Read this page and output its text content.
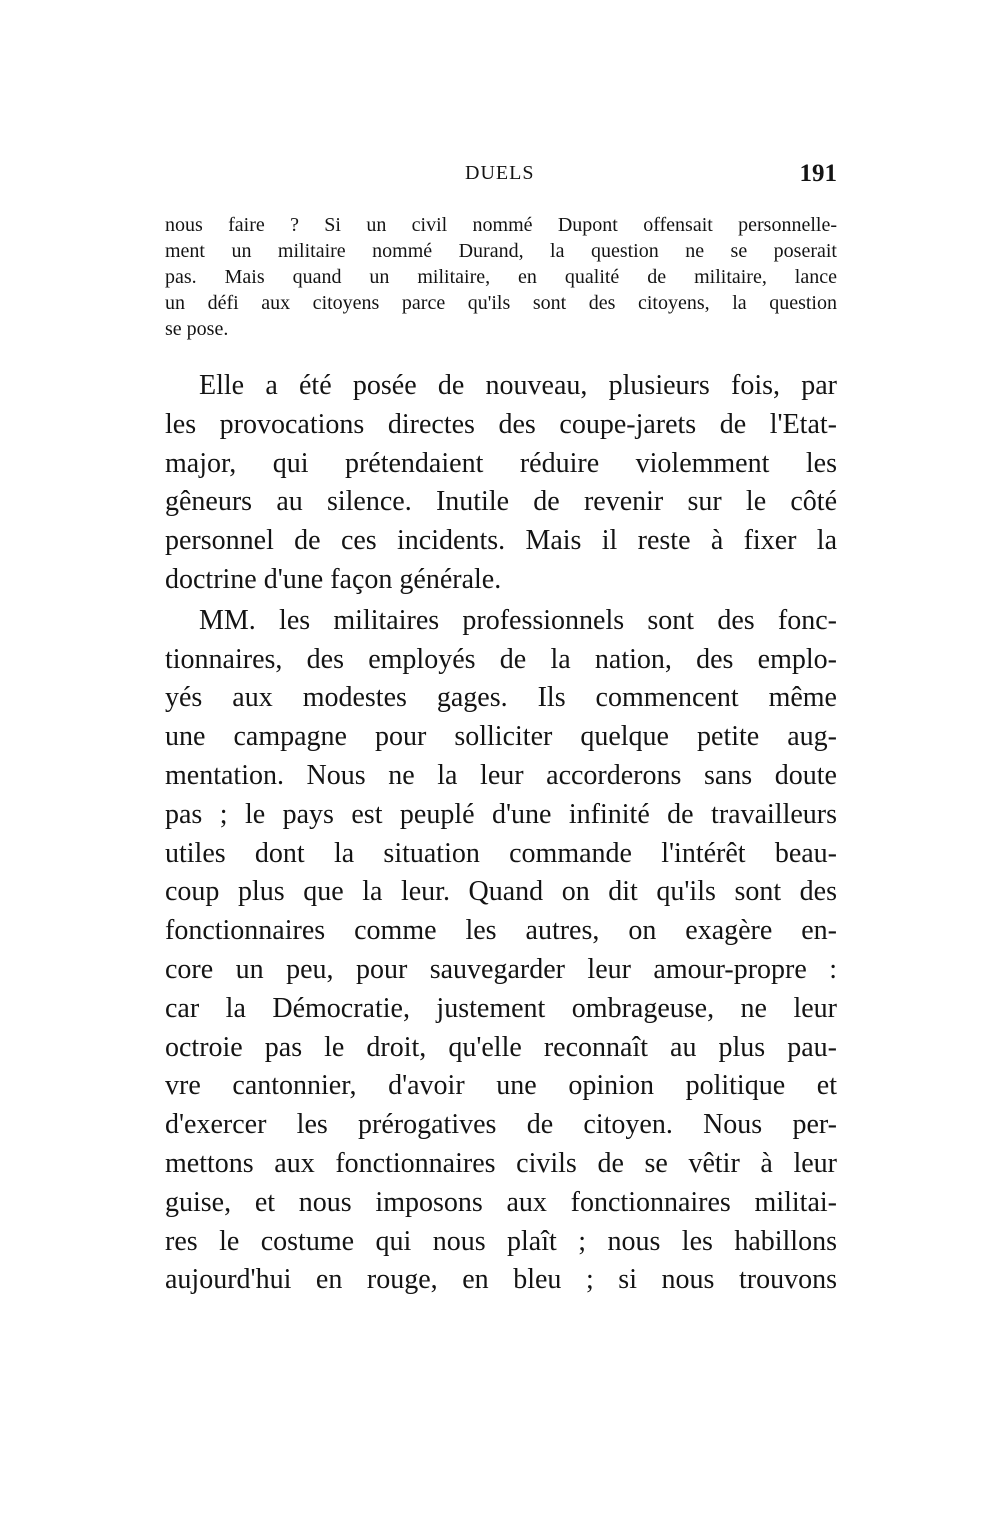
DUELS	191

nous faire ? Si un civil nommé Dupont offensait personnelle-

ment un militaire nommé Durand, la question ne se poserait

pas. Mais quand un militaire, en qualité de militaire, lance

un défi aux citoyens parce qu'ils sont des citoyens, la question

se pose.

Elle a été posée de nouveau, plusieurs fois, par

les provocations directes des coupe-jarets de l'Etat-

major, qui prétendaient réduire violemment les

gêneurs au silence. Inutile de revenir sur le côté

personnel de ces incidents. Mais il reste à fixer la

doctrine d'une façon générale.

MM. les militaires professionnels sont des fonc-

tionnaires, des employés de la nation, des emplo-

yés aux modestes gages. Ils commencent même

une campagne pour solliciter quelque petite aug-

mentation. Nous ne la leur accorderons sans doute

pas ; le pays est peuplé d'une infinité de travailleurs

utiles dont la situation commande l'intérêt beau-

coup plus que la leur. Quand on dit qu'ils sont des

fonctionnaires comme les autres, on exagère en-

core un peu, pour sauvegarder leur amour-propre :

car la Démocratie, justement ombrageuse, ne leur

octroie pas le droit, qu'elle reconnaît au plus pau-

vre cantonnier, d'avoir une opinion politique et

d'exercer les prérogatives de citoyen. Nous per-

mettons aux fonctionnaires civils de se vêtir à leur

guise, et nous imposons aux fonctionnaires militai-

res le costume qui nous plaît ; nous les habillons

aujourd'hui en rouge, en bleu ; si nous trouvons
